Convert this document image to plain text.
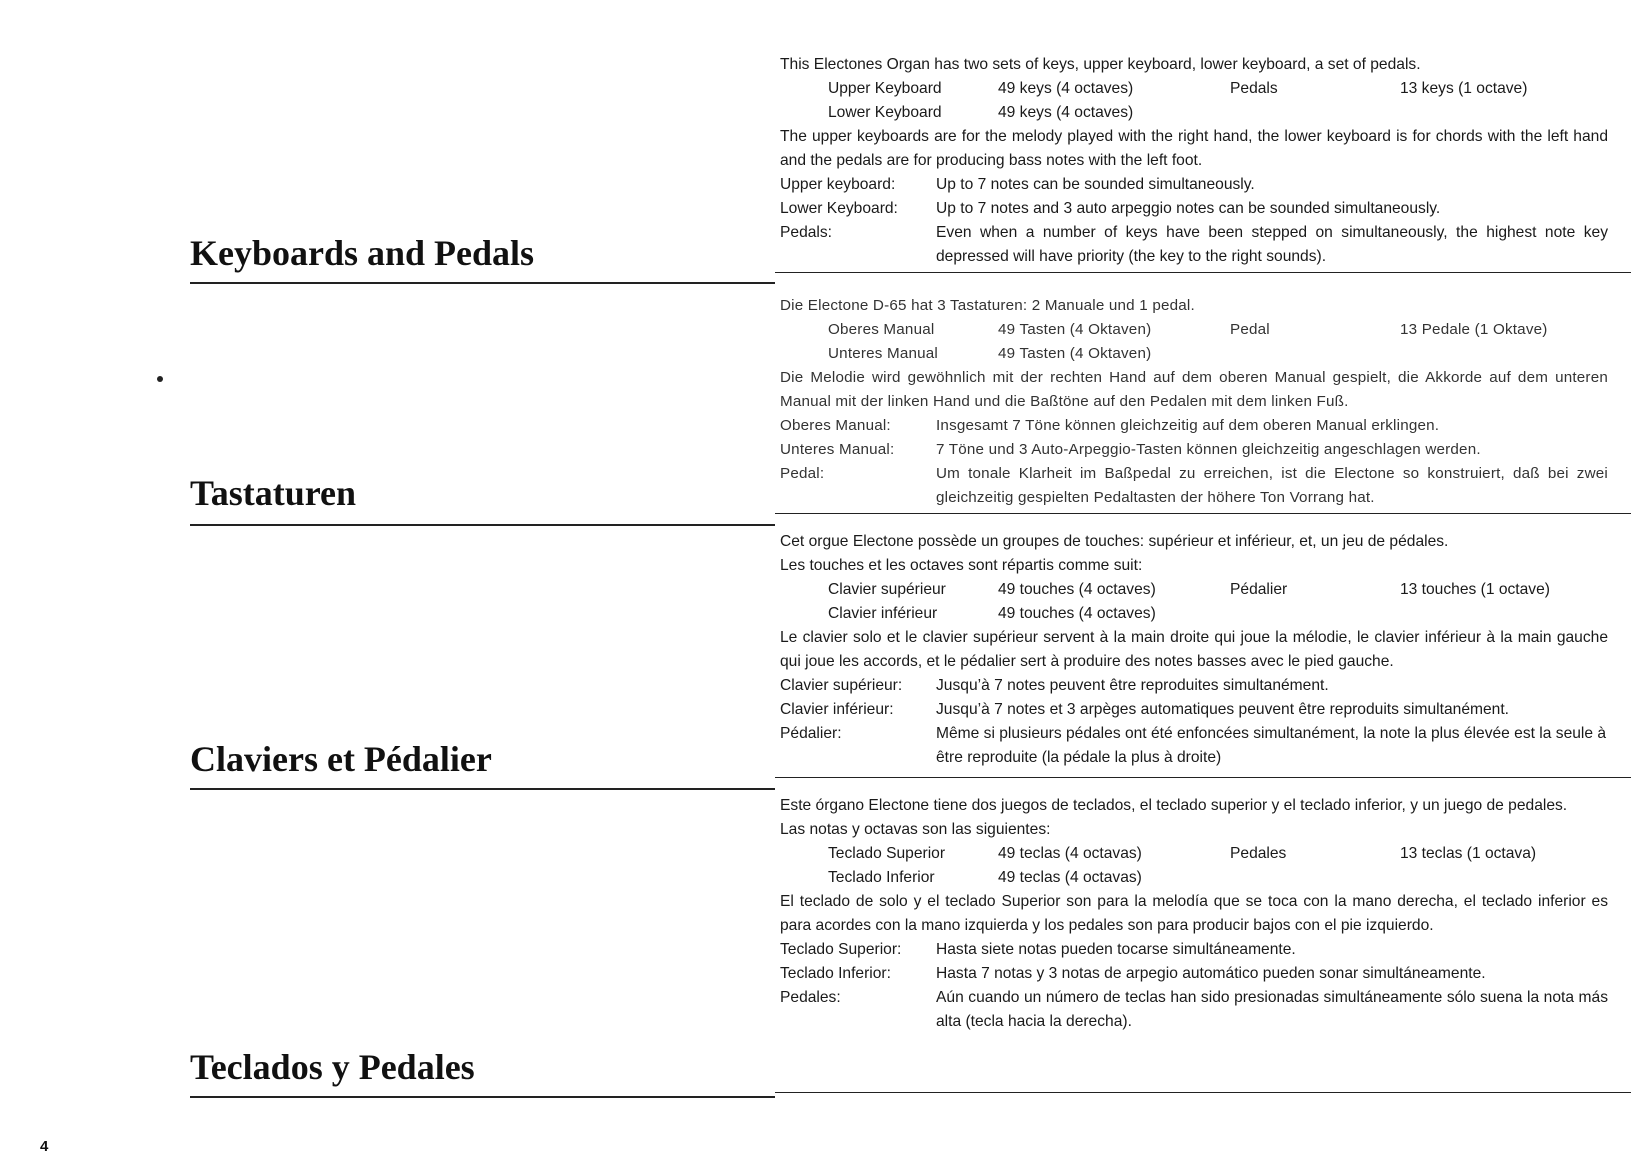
Keyboards and Pedals

This Electones Organ has two sets of keys, upper keyboard, lower keyboard, a set of pedals.

Upper Keyboard	49 keys (4 octaves)	Pedals	13 keys (1 octave)
Lower Keyboard	49 keys (4 octaves)

The upper keyboards are for the melody played with the right hand, the lower keyboard is for chords with the left hand and the pedals are for producing bass notes with the left foot.

Upper keyboard:	Up to 7 notes can be sounded simultaneously.
Lower Keyboard:	Up to 7 notes and 3 auto arpeggio notes can be sounded simultaneously.
Pedals:	Even when a number of keys have been stepped on simultaneously, the highest note key depressed will have priority (the key to the right sounds).
Tastaturen

Die Electone D-65 hat 3 Tastaturen: 2 Manuale und 1 pedal.

Oberes Manual	49 Tasten (4 Oktaven)	Pedal	13 Pedale (1 Oktave)
Unteres Manual	49 Tasten (4 Oktaven)

Die Melodie wird gewöhnlich mit der rechten Hand auf dem oberen Manual gespielt, die Akkorde auf dem unteren Manual mit der linken Hand und die Baßtöne auf den Pedalen mit dem linken Fuß.

Oberes Manual:	Insgesamt 7 Töne können gleichzeitig auf dem oberen Manual erklingen.
Unteres Manual:	7 Töne und 3 Auto-Arpeggio-Tasten können gleichzeitig angeschlagen werden.
Pedal:	Um tonale Klarheit im Baßpedal zu erreichen, ist die Electone so konstruiert, daß bei zwei gleichzeitig gespielten Pedaltasten der höhere Ton Vorrang hat.
Claviers et Pédalier

Cet orgue Electone possède un groupes de touches: supérieur et inférieur, et, un jeu de pédales.

Les touches et les octaves sont répartis comme suit:

Clavier supérieur	49 touches (4 octaves)	Pédalier	13 touches (1 octave)
Clavier inférieur	49 touches (4 octaves)

Le clavier solo et le clavier supérieur servent à la main droite qui joue la mélodie, le clavier inférieur à la main gauche qui joue les accords, et le pédalier sert à produire des notes basses avec le pied gauche.

Clavier supérieur:	Jusqu’à 7 notes peuvent être reproduites simultanément.
Clavier inférieur:	Jusqu’à 7 notes et 3 arpèges automatiques peuvent être reproduits simultanément.
Pédalier:	Même si plusieurs pédales ont été enfoncées simultanément, la note la plus élevée est la seule à être reproduite (la pédale la plus à droite)
Teclados y Pedales

Este órgano Electone tiene dos juegos de teclados, el teclado superior y el teclado inferior, y un juego de pedales.

Las notas y octavas son las siguientes:

Teclado Superior	49 teclas (4 octavas)	Pedales	13 teclas (1 octava)
Teclado Inferior	49 teclas (4 octavas)

El teclado de solo y el teclado Superior son para la melodía que se toca con la mano derecha, el teclado inferior es para acordes con la mano izquierda y los pedales son para producir bajos con el pie izquierdo.

Teclado Superior:	Hasta siete notas pueden tocarse simultáneamente.
Teclado Inferior:	Hasta 7 notas y 3 notas de arpegio automático pueden sonar simultáneamente.
Pedales:	Aún cuando un número de teclas han sido presionadas simultáneamente sólo suena la nota más alta (tecla hacia la derecha).
4
